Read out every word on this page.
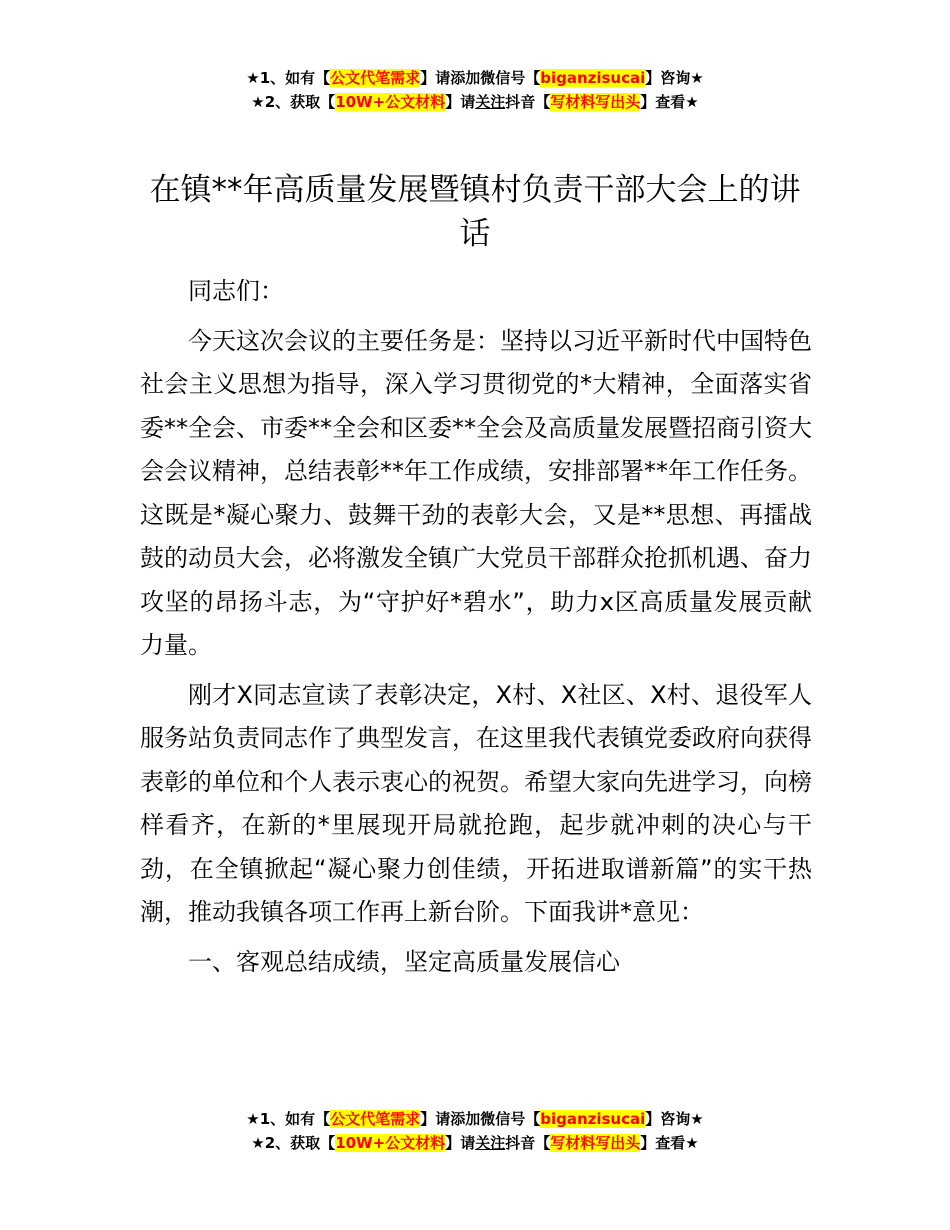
★1、如有【公文代笔需求】请添加微信号【biganzisucai】咨询★
★2、获取【10W+公文材料】请关注抖音【写材料写出头】查看★
在镇**年高质量发展暨镇村负责干部大会上的讲话

同志们：

今天这次会议的主要任务是：坚持以习近平新时代中国特色社会主义思想为指导，深入学习贯彻党的*大精神，全面落实省委**全会、市委**全会和区委**全会及高质量发展暨招商引资大会会议精神，总结表彰**年工作成绩，安排部署**年工作任务。这既是*凝心聚力、鼓舞干劲的表彰大会，又是**思想、再擂战鼓的动员大会，必将激发全镇广大党员干部群众抢抓机遇、奋力攻坚的昂扬斗志，为“守护好*碧水”，助力x区高质量发展贡献力量。

刚才X同志宣读了表彰决定，X村、X社区、X村、退役军人服务站负责同志作了典型发言，在这里我代表镇党委政府向获得表彰的单位和个人表示衷心的祝贺。希望大家向先进学习，向榜样看齐，在新的*里展现开局就抢跑，起步就冲刺的决心与干劲，在全镇掀起“凝心聚力创佳绩，开拓进取谱新篇”的实干热潮，推动我镇各项工作再上新台阶。下面我讲*意见：

一、客观总结成绩，坚定高质量发展信心

★1、如有【公文代笔需求】请添加微信号【biganzisucai】咨询★
★2、获取【10W+公文材料】请关注抖音【写材料写出头】查看★
